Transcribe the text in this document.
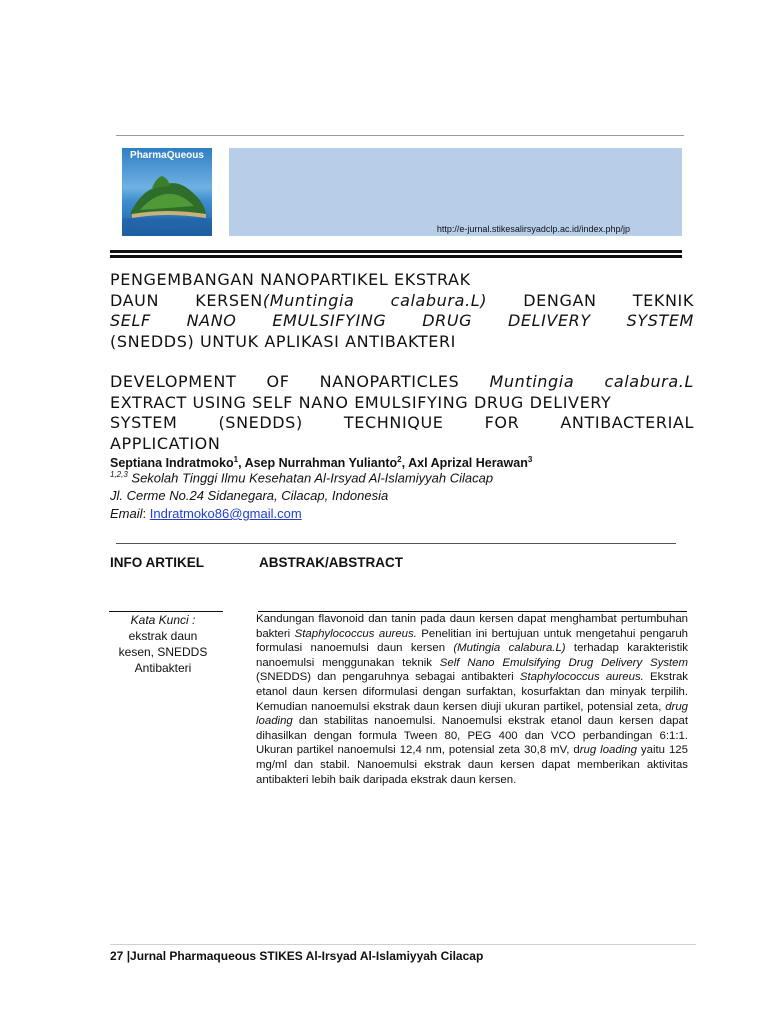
PharmaQueous
http://e-jurnal.stikesalirsyadclp.ac.id/index.php/jp
PENGEMBANGAN NANOPARTIKEL EKSTRAK
DAUN KERSEN(Muntingia calabura.L) DENGAN TEKNIK
SELF NANO EMULSIFYING DRUG DELIVERY SYSTEM
(SNEDDS) UNTUK APLIKASI ANTIBAKTERI
DEVELOPMENT OF NANOPARTICLES Muntingia calabura.L
EXTRACT USING SELF NANO EMULSIFYING DRUG DELIVERY
SYSTEM	(SNEDDS)	TECHNIQUE	FOR	ANTIBACTERIAL
APPLICATION
Septiana Indratmoko$^1$, Asep Nurrahman Yulianto$^2$, Axl Aprizal Herawan$^3$
$^{1,2,3}$ Sekolah Tinggi Ilmu Kesehatan Al-Irsyad Al-Islamiyyah Cilacap
Jl. Cerme No.24 Sidanegara, Cilacap, Indonesia
Email: Indratmoko86@gmail.com
INFO ARTIKEL	ABSTRAK/ABSTRACT
Kata Kunci :
ekstrak daun
kesen, SNEDDS
Antibakteri
Kandungan flavonoid dan tanin pada daun kersen dapat menghambat pertumbuhan bakteri Staphylococcus aureus. Penelitian ini bertujuan untuk mengetahui pengaruh formulasi nanoemulsi daun kersen (Mutingia calabura.L) terhadap karakteristik nanoemulsi menggunakan teknik Self Nano Emulsifying Drug Delivery System (SNEDDS) dan pengaruhnya sebagai antibakteri Staphylococcus aureus. Ekstrak etanol daun kersen diformulasi dengan surfaktan, kosurfaktan dan minyak terpilih. Kemudian nanoemulsi ekstrak daun kersen diuji ukuran partikel, potensial zeta, drug loading dan stabilitas nanoemulsi. Nanoemulsi ekstrak etanol daun kersen dapat dihasilkan dengan formula Tween 80, PEG 400 dan VCO perbandingan 6:1:1. Ukuran partikel nanoemulsi 12,4 nm, potensial zeta 30,8 mV, drug loading yaitu 125 mg/ml dan stabil. Nanoemulsi ekstrak daun kersen dapat memberikan aktivitas antibakteri lebih baik daripada ekstrak daun kersen.
27 |Jurnal Pharmaqueous STIKES Al-Irsyad Al-Islamiyyah Cilacap
